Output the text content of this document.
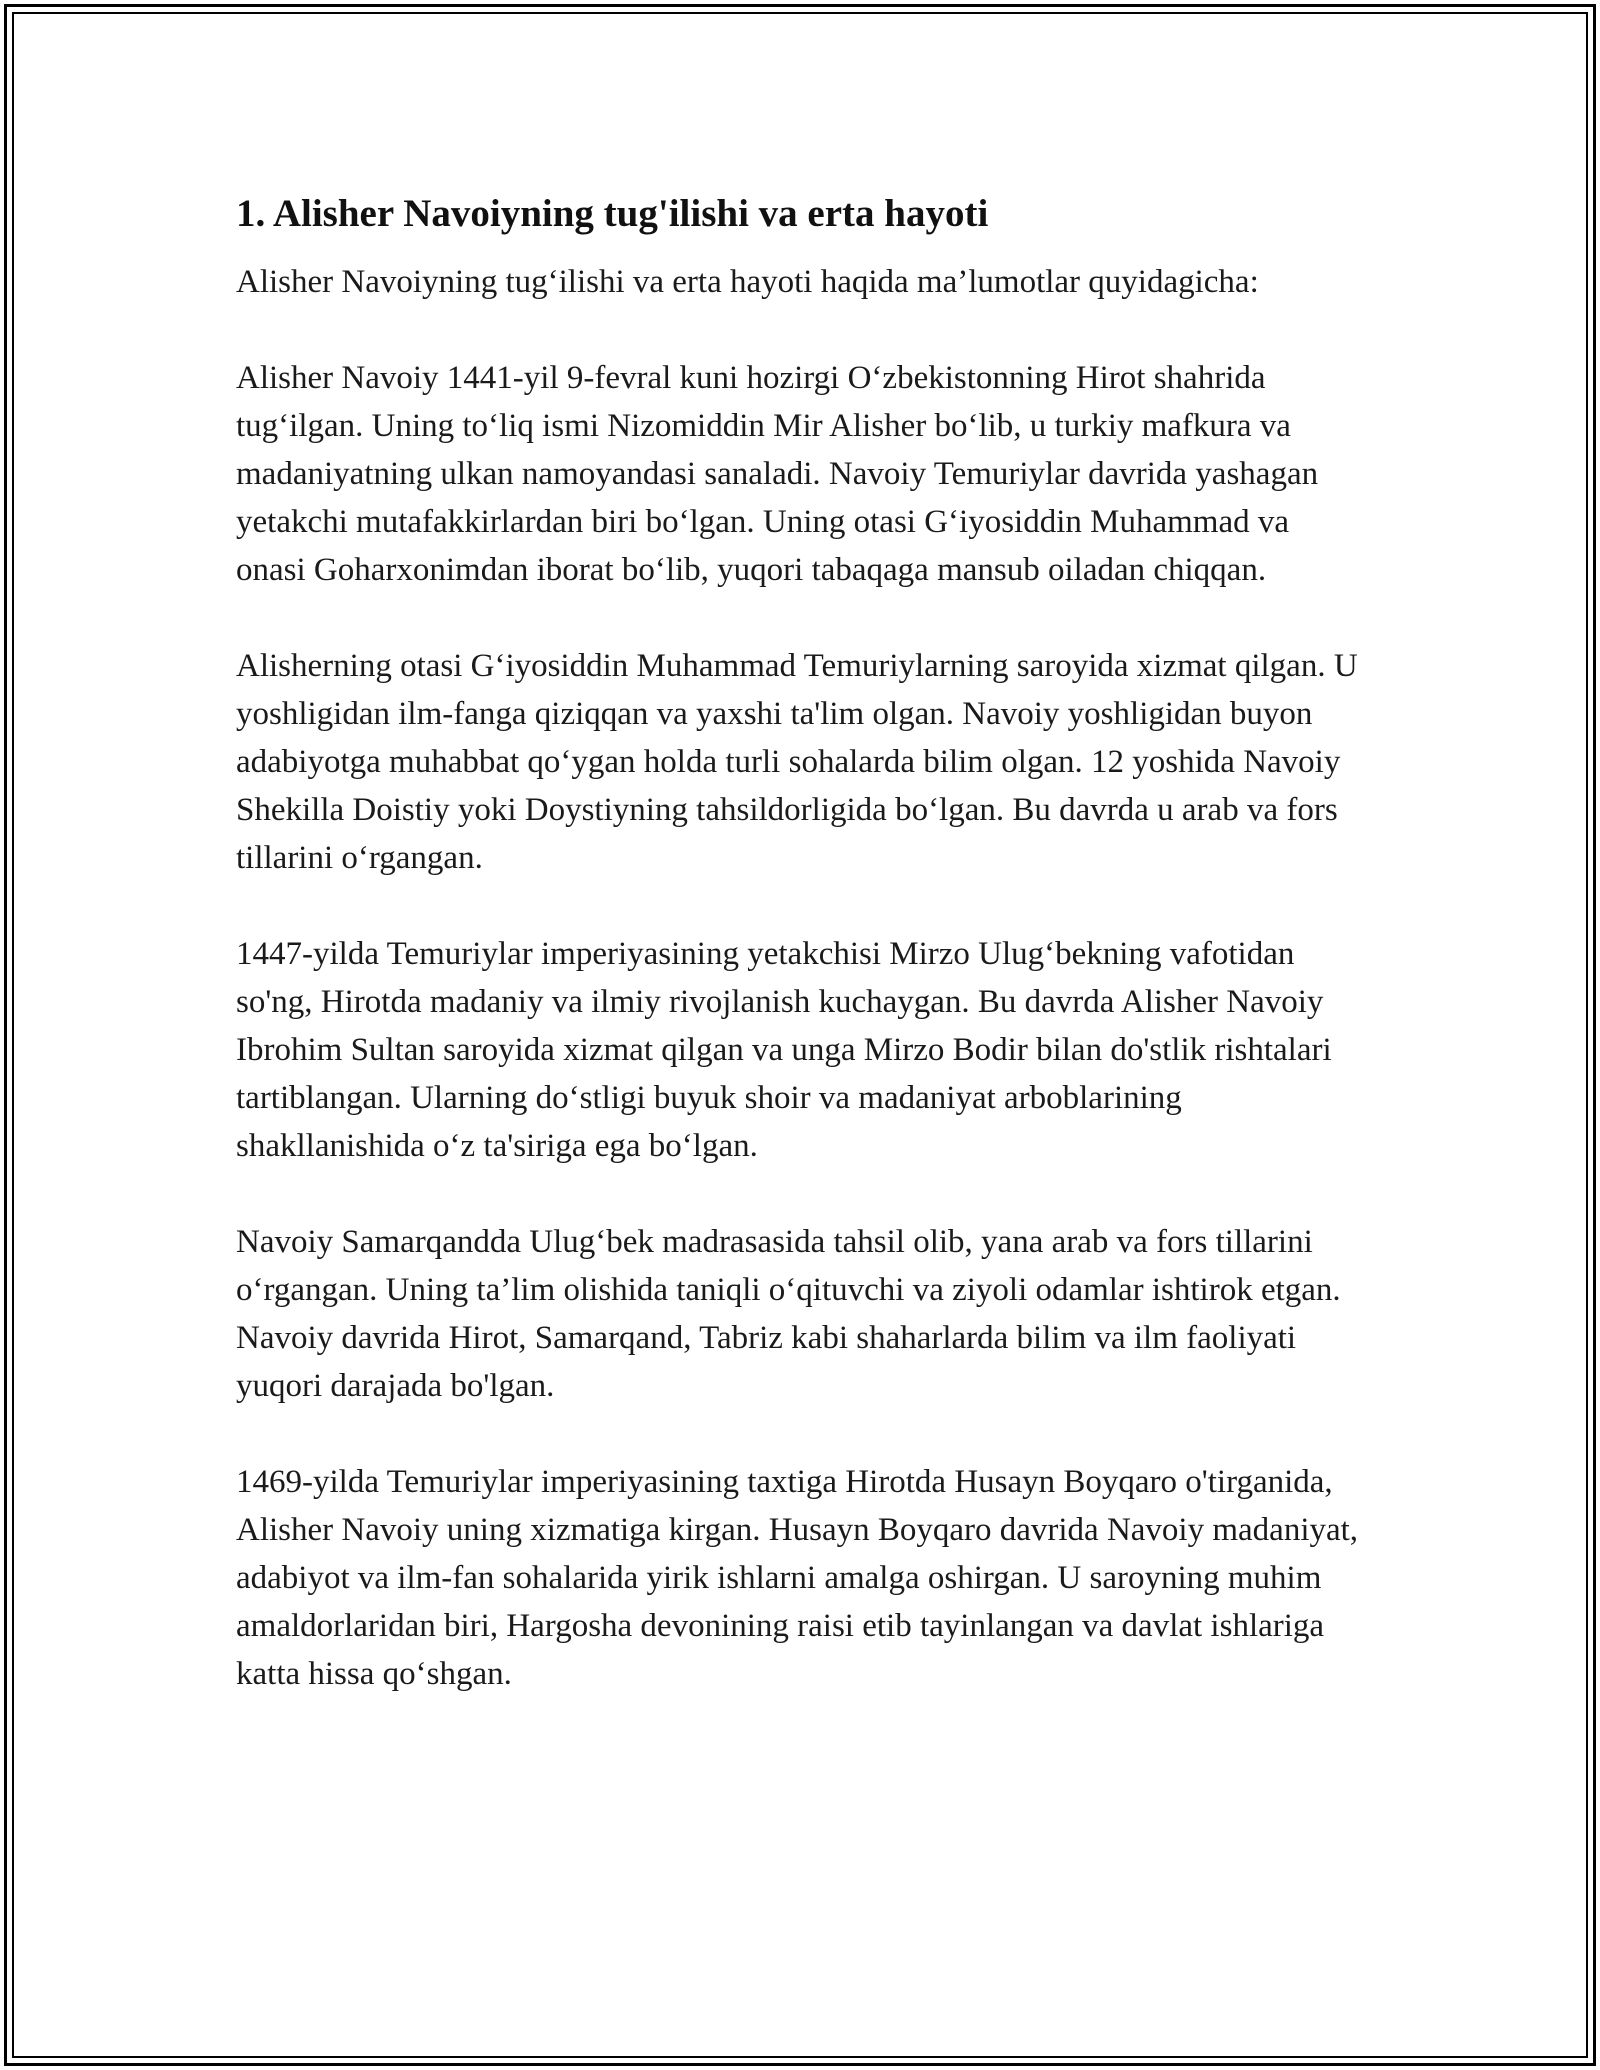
1. Alisher Navoiyning tug'ilishi va erta hayoti

Alisher Navoiyning tug‘ilishi va erta hayoti haqida ma’lumotlar quyidagicha:

Alisher Navoiy 1441-yil 9-fevral kuni hozirgi O‘zbekistonning Hirot shahrida tug‘ilgan. Uning to‘liq ismi Nizomiddin Mir Alisher bo‘lib, u turkiy mafkura va madaniyatning ulkan namoyandasi sanaladi. Navoiy Temuriylar davrida yashagan yetakchi mutafakkirlardan biri bo‘lgan. Uning otasi G‘iyosiddin Muhammad va onasi Goharxonimdan iborat bo‘lib, yuqori tabaqaga mansub oiladan chiqqan.

Alisherning otasi G‘iyosiddin Muhammad Temuriylarning saroyida xizmat qilgan. U yoshligidan ilm-fanga qiziqqan va yaxshi ta'lim olgan. Navoiy yoshligidan buyon adabiyotga muhabbat qo‘ygan holda turli sohalarda bilim olgan. 12 yoshida Navoiy Shekilla Doistiy yoki Doystiyning tahsildorligida bo‘lgan. Bu davrda u arab va fors tillarini o‘rgangan.

1447-yilda Temuriylar imperiyasining yetakchisi Mirzo Ulug‘bekning vafotidan so'ng, Hirotda madaniy va ilmiy rivojlanish kuchaygan. Bu davrda Alisher Navoiy Ibrohim Sultan saroyida xizmat qilgan va unga Mirzo Bodir bilan do'stlik rishtalari tartiblangan. Ularning do‘stligi buyuk shoir va madaniyat arboblarining shakllanishida o‘z ta'siriga ega bo‘lgan.

Navoiy Samarqandda Ulug‘bek madrasasida tahsil olib, yana arab va fors tillarini o‘rgangan. Uning ta’lim olishida taniqli o‘qituvchi va ziyoli odamlar ishtirok etgan. Navoiy davrida Hirot, Samarqand, Tabriz kabi shaharlarda bilim va ilm faoliyati yuqori darajada bo'lgan.

1469-yilda Temuriylar imperiyasining taxtiga Hirotda Husayn Boyqaro o'tirganida, Alisher Navoiy uning xizmatiga kirgan. Husayn Boyqaro davrida Navoiy madaniyat, adabiyot va ilm-fan sohalarida yirik ishlarni amalga oshirgan. U saroyning muhim amaldorlaridan biri, Hargosha devonining raisi etib tayinlangan va davlat ishlariga katta hissa qo‘shgan.
